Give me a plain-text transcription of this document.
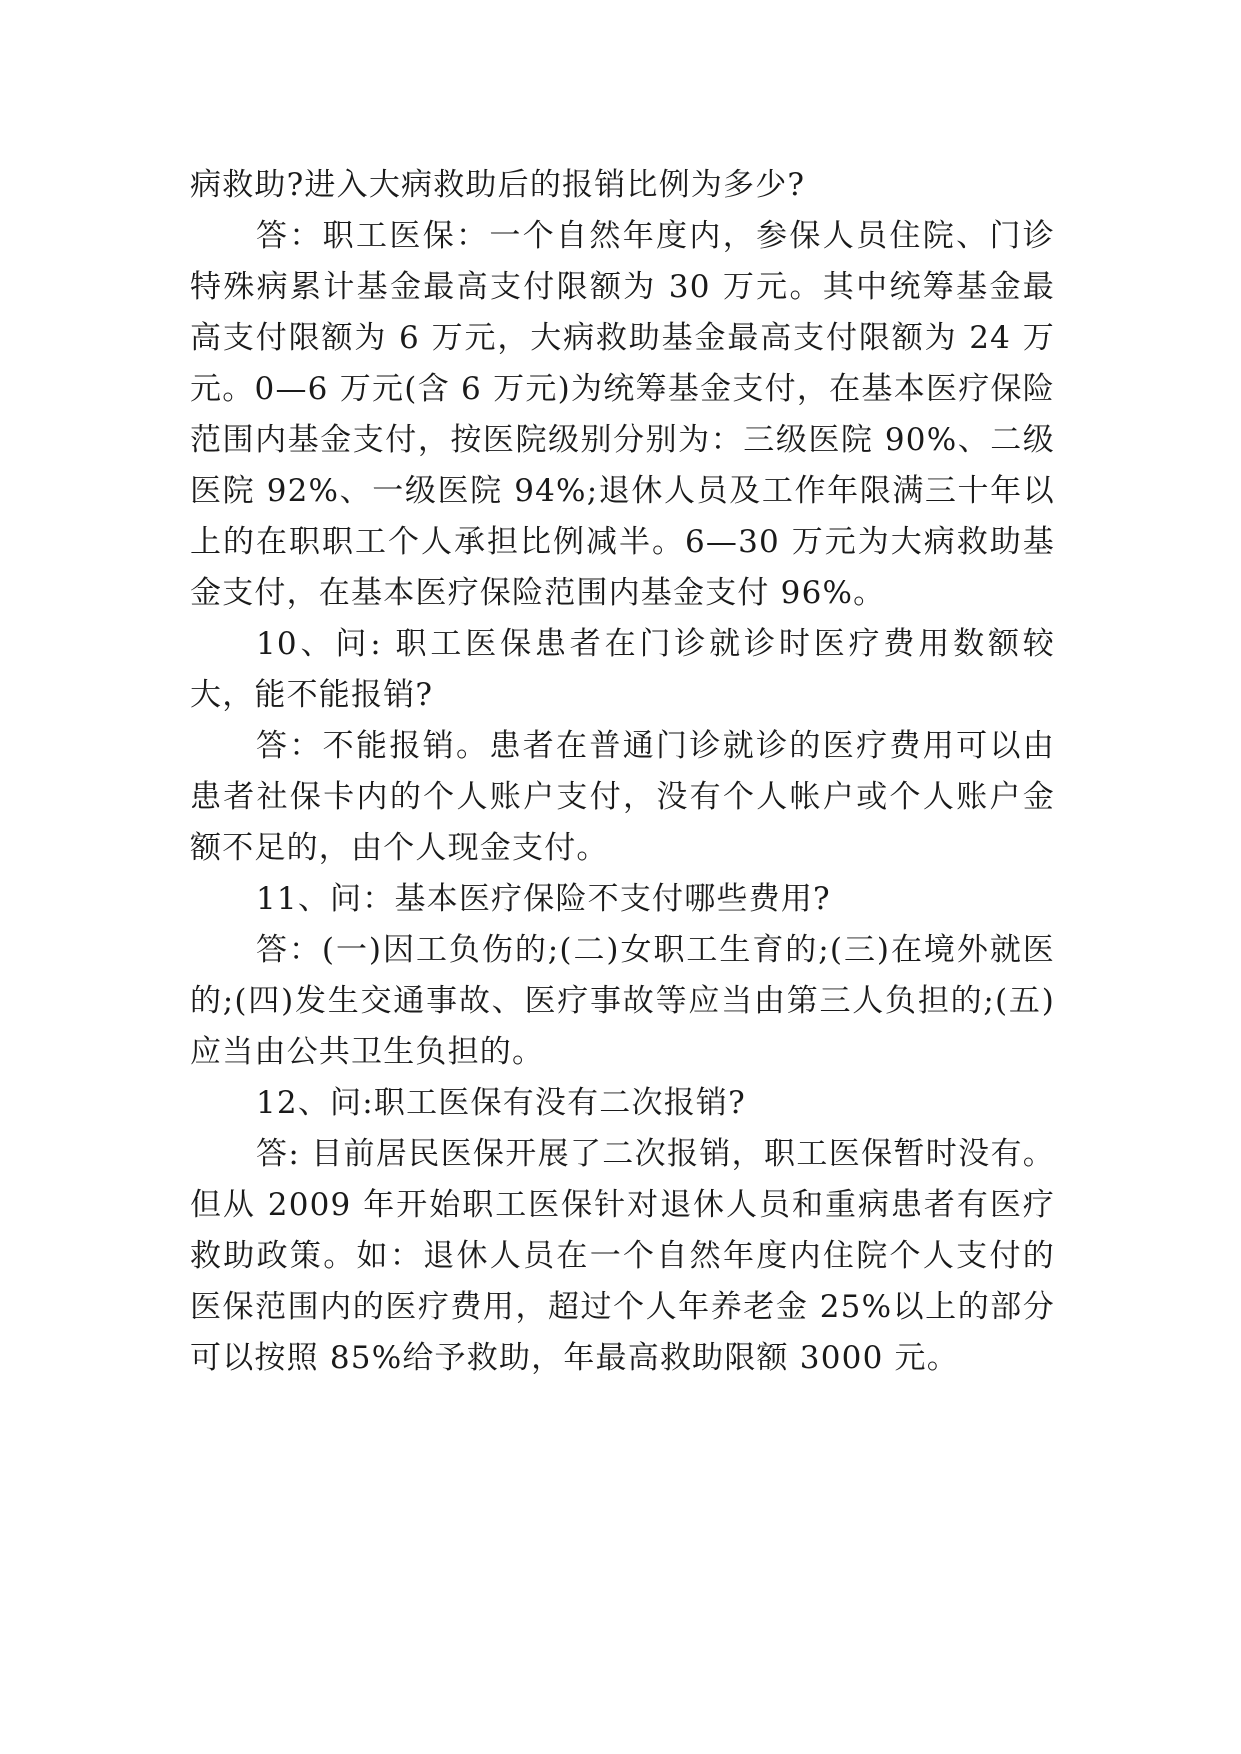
病救助?进入大病救助后的报销比例为多少?

答：职工医保：一个自然年度内，参保人员住院、门诊特殊病累计基金最高支付限额为 30 万元。其中统筹基金最高支付限额为 6 万元，大病救助基金最高支付限额为 24 万元。0—6 万元(含 6 万元)为统筹基金支付，在基本医疗保险范围内基金支付，按医院级别分别为：三级医院 90%、二级医院 92%、一级医院 94%;退休人员及工作年限满三十年以上的在职职工个人承担比例减半。6—30 万元为大病救助基金支付，在基本医疗保险范围内基金支付 96%。

10、问: 职工医保患者在门诊就诊时医疗费用数额较大，能不能报销?

答：不能报销。患者在普通门诊就诊的医疗费用可以由患者社保卡内的个人账户支付，没有个人帐户或个人账户金额不足的，由个人现金支付。

11、问：基本医疗保险不支付哪些费用?

答：(一)因工负伤的;(二)女职工生育的;(三)在境外就医的;(四)发生交通事故、医疗事故等应当由第三人负担的;(五)应当由公共卫生负担的。

12、问:职工医保有没有二次报销?

答: 目前居民医保开展了二次报销，职工医保暂时没有。但从 2009 年开始职工医保针对退休人员和重病患者有医疗救助政策。如：退休人员在一个自然年度内住院个人支付的医保范围内的医疗费用，超过个人年养老金 25%以上的部分可以按照 85%给予救助，年最高救助限额 3000 元。
